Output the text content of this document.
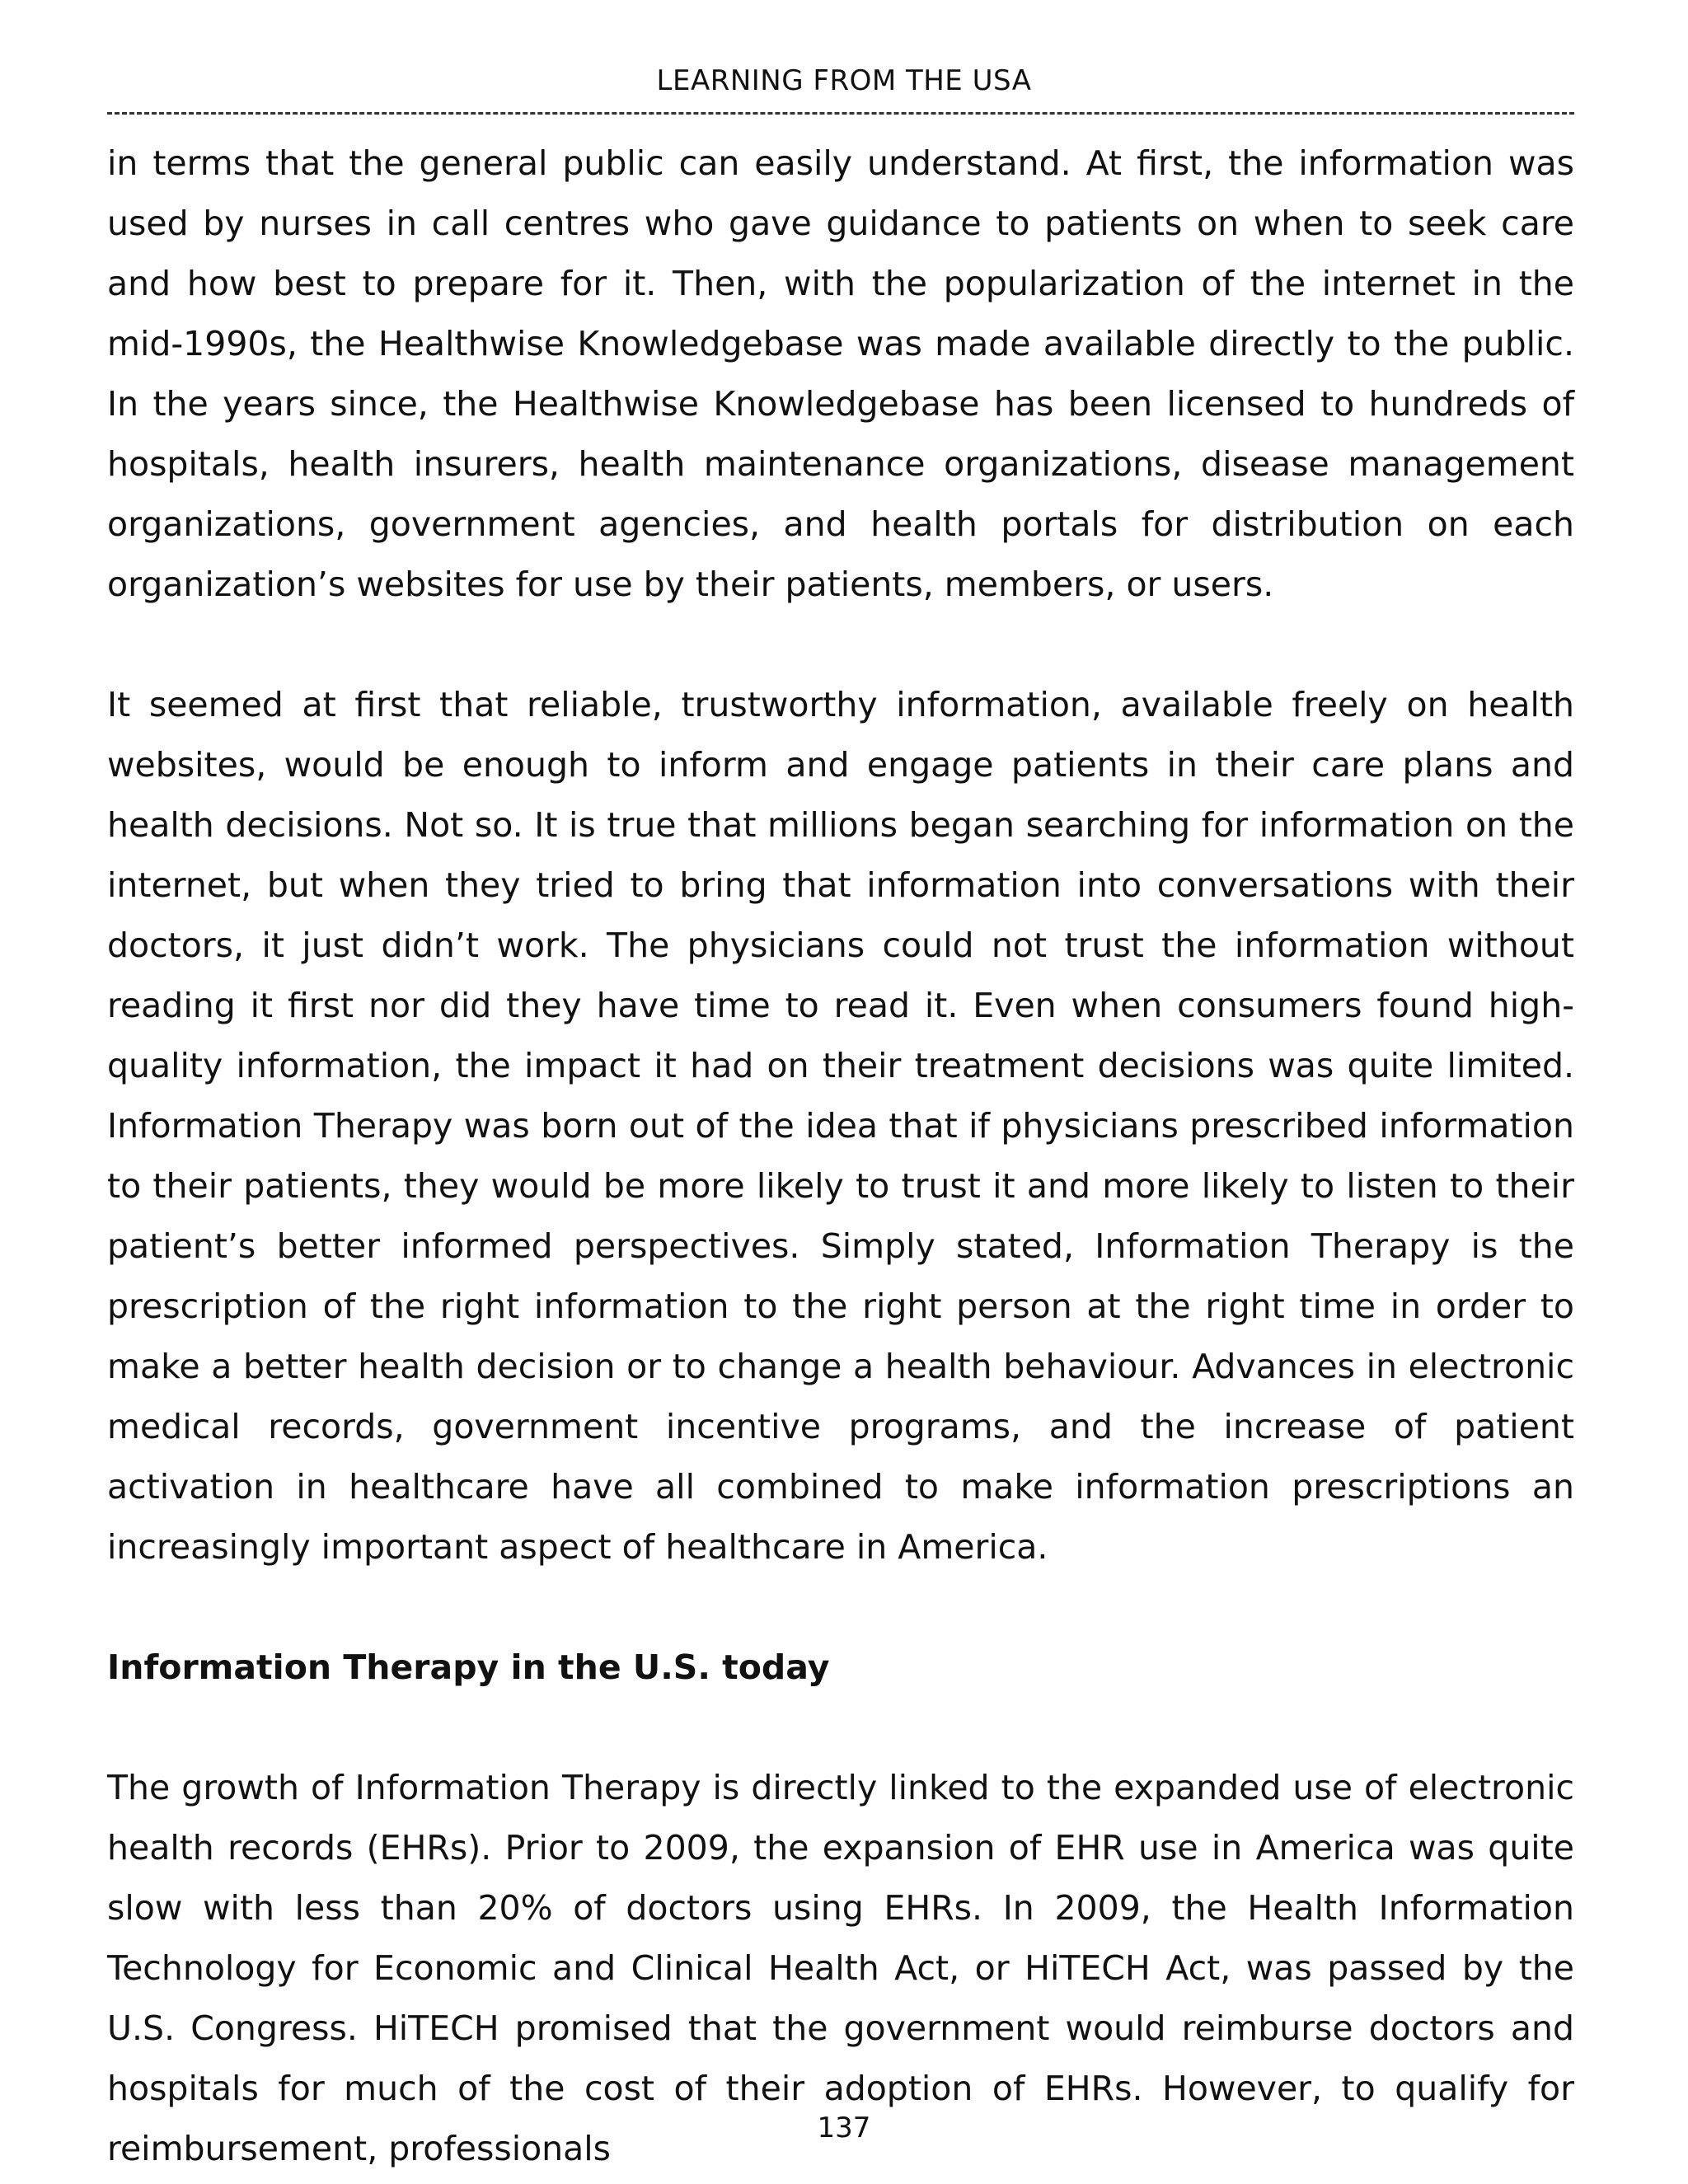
LEARNING FROM THE USA

in terms that the general public can easily understand. At first, the information was used by nurses in call centres who gave guidance to patients on when to seek care and how best to prepare for it. Then, with the popularization of the internet in the mid-1990s, the Healthwise Knowledgebase was made available directly to the public. In the years since, the Healthwise Knowledgebase has been licensed to hundreds of hospitals, health insurers, health maintenance organizations, disease management organizations, government agencies, and health portals for distribution on each organization’s websites for use by their patients, members, or users.

It seemed at first that reliable, trustworthy information, available freely on health websites, would be enough to inform and engage patients in their care plans and health decisions. Not so. It is true that millions began searching for information on the internet, but when they tried to bring that information into conversations with their doctors, it just didn’t work. The physicians could not trust the information without reading it first nor did they have time to read it. Even when consumers found high-quality information, the impact it had on their treatment decisions was quite limited. Information Therapy was born out of the idea that if physicians prescribed information to their patients, they would be more likely to trust it and more likely to listen to their patient’s better informed perspectives. Simply stated, Information Therapy is the prescription of the right information to the right person at the right time in order to make a better health decision or to change a health behaviour. Advances in electronic medical records, government incentive programs, and the increase of patient activation in healthcare have all combined to make information prescriptions an increasingly important aspect of healthcare in America.

Information Therapy in the U.S. today

The growth of Information Therapy is directly linked to the expanded use of electronic health records (EHRs). Prior to 2009, the expansion of EHR use in America was quite slow with less than 20% of doctors using EHRs. In 2009, the Health Information Technology for Economic and Clinical Health Act, or HiTECH Act, was passed by the U.S. Congress. HiTECH promised that the government would reimburse doctors and hospitals for much of the cost of their adoption of EHRs. However, to qualify for reimbursement, professionals

137
